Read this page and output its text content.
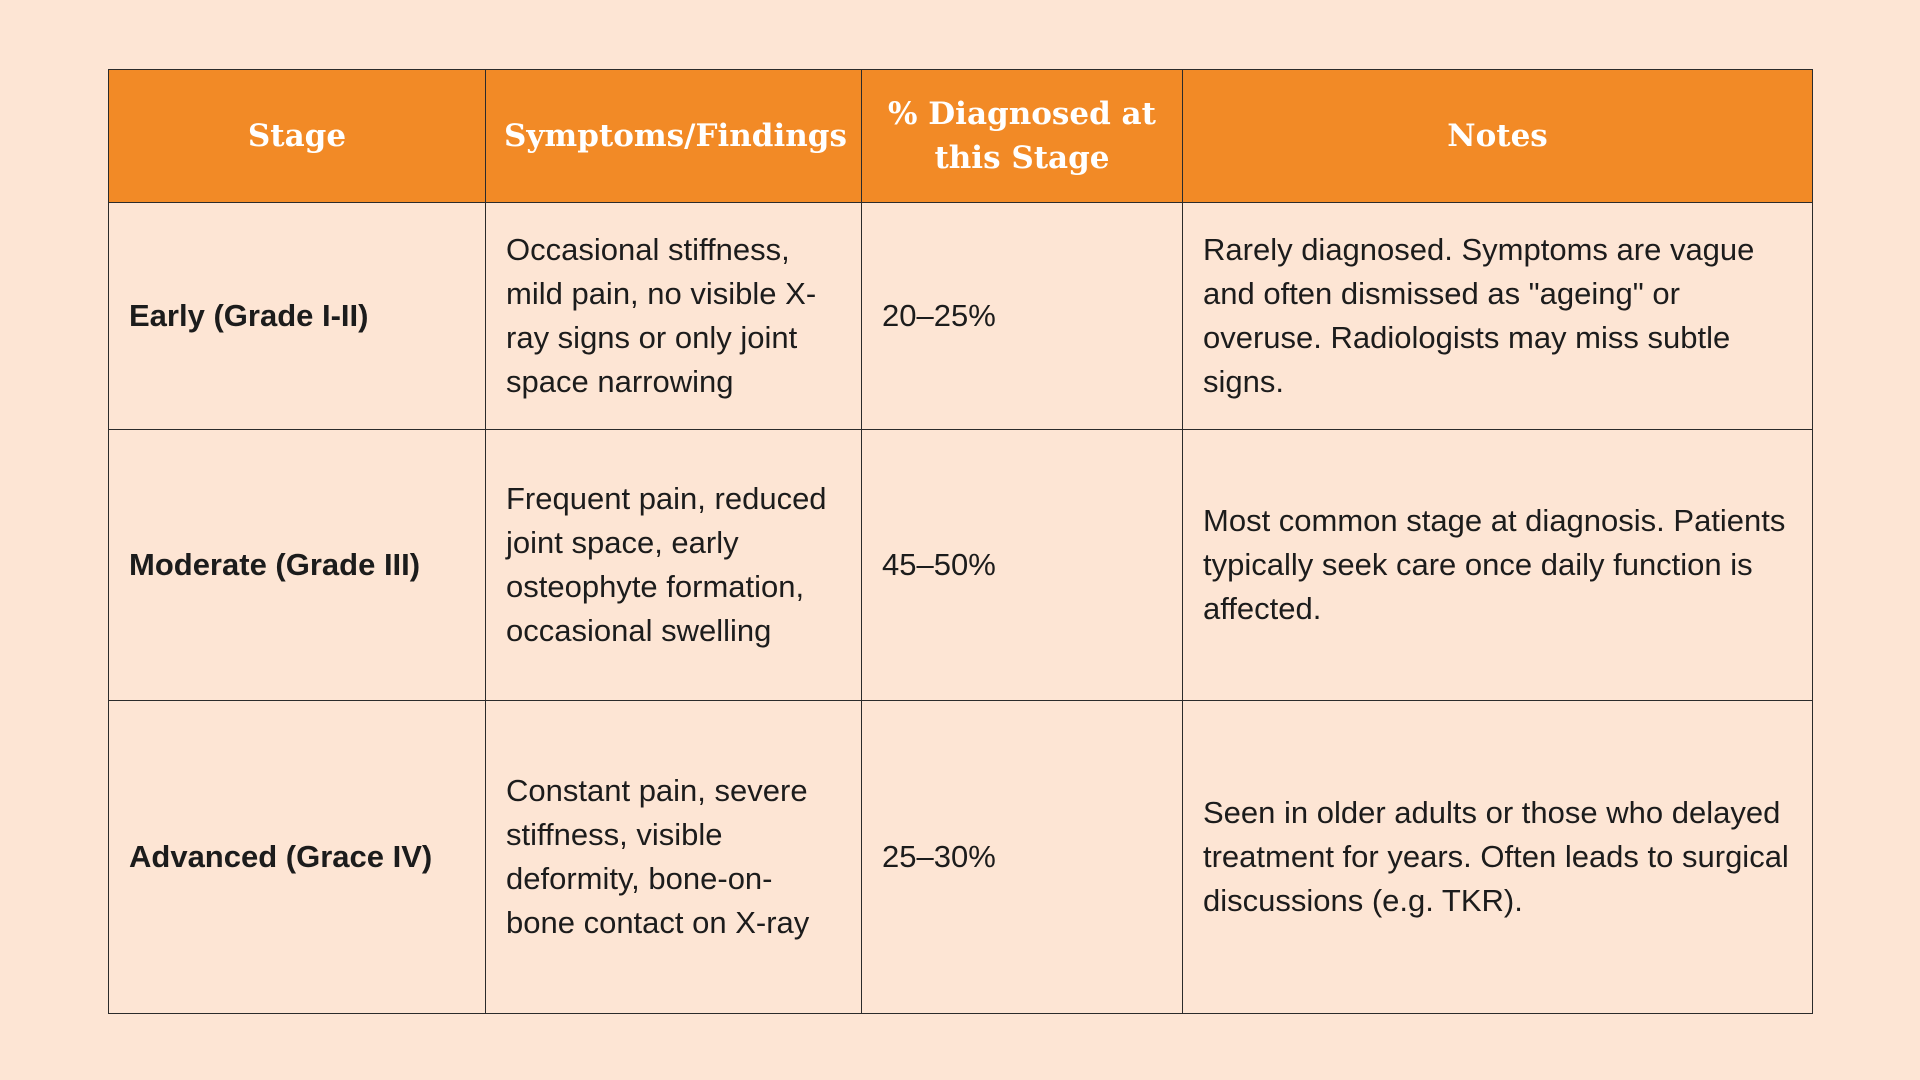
Stage	Symptoms/Findings	% Diagnosed at this Stage	Notes
Early (Grade I-II)	Occasional stiffness, mild pain, no visible X-ray signs or only joint space narrowing	20–25%	Rarely diagnosed. Symptoms are vague and often dismissed as "ageing" or overuse. Radiologists may miss subtle signs.
Moderate (Grade III)	Frequent pain, reduced joint space, early osteophyte formation, occasional swelling	45–50%	Most common stage at diagnosis. Patients typically seek care once daily function is affected.
Advanced (Grace IV)	Constant pain, severe stiffness, visible deformity, bone-on-bone contact on X-ray	25–30%	Seen in older adults or those who delayed treatment for years. Often leads to surgical discussions (e.g. TKR).
